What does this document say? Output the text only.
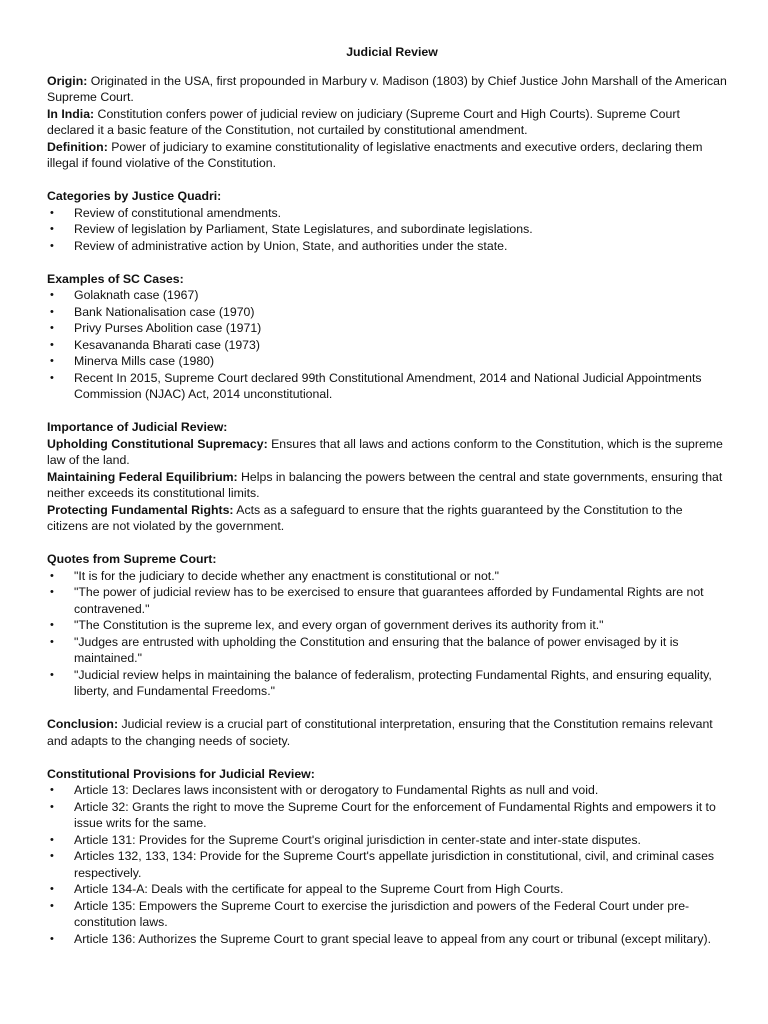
Judicial Review

Origin: Originated in the USA, first propounded in Marbury v. Madison (1803) by Chief Justice John Marshall of the American Supreme Court.

In India: Constitution confers power of judicial review on judiciary (Supreme Court and High Courts). Supreme Court declared it a basic feature of the Constitution, not curtailed by constitutional amendment.

Definition: Power of judiciary to examine constitutionality of legislative enactments and executive orders, declaring them illegal if found violative of the Constitution.

Categories by Justice Quadri:

• Review of constitutional amendments.
• Review of legislation by Parliament, State Legislatures, and subordinate legislations.
• Review of administrative action by Union, State, and authorities under the state.

Examples of SC Cases:

• Golaknath case (1967)
• Bank Nationalisation case (1970)
• Privy Purses Abolition case (1971)
• Kesavananda Bharati case (1973)
• Minerva Mills case (1980)
• Recent In 2015, Supreme Court declared 99th Constitutional Amendment, 2014 and National Judicial Appointments Commission (NJAC) Act, 2014 unconstitutional.

Importance of Judicial Review:

Upholding Constitutional Supremacy: Ensures that all laws and actions conform to the Constitution, which is the supreme law of the land.

Maintaining Federal Equilibrium: Helps in balancing the powers between the central and state governments, ensuring that neither exceeds its constitutional limits.

Protecting Fundamental Rights: Acts as a safeguard to ensure that the rights guaranteed by the Constitution to the citizens are not violated by the government.

Quotes from Supreme Court:

• "It is for the judiciary to decide whether any enactment is constitutional or not."
• "The power of judicial review has to be exercised to ensure that guarantees afforded by Fundamental Rights are not contravened."
• "The Constitution is the supreme lex, and every organ of government derives its authority from it."
• "Judges are entrusted with upholding the Constitution and ensuring that the balance of power envisaged by it is maintained."
• "Judicial review helps in maintaining the balance of federalism, protecting Fundamental Rights, and ensuring equality, liberty, and Fundamental Freedoms."

Conclusion: Judicial review is a crucial part of constitutional interpretation, ensuring that the Constitution remains relevant and adapts to the changing needs of society.

Constitutional Provisions for Judicial Review:

• Article 13: Declares laws inconsistent with or derogatory to Fundamental Rights as null and void.
• Article 32: Grants the right to move the Supreme Court for the enforcement of Fundamental Rights and empowers it to issue writs for the same.
• Article 131: Provides for the Supreme Court's original jurisdiction in center-state and inter-state disputes.
• Articles 132, 133, 134: Provide for the Supreme Court's appellate jurisdiction in constitutional, civil, and criminal cases respectively.
• Article 134-A: Deals with the certificate for appeal to the Supreme Court from High Courts.
• Article 135: Empowers the Supreme Court to exercise the jurisdiction and powers of the Federal Court under pre-constitution laws.
• Article 136: Authorizes the Supreme Court to grant special leave to appeal from any court or tribunal (except military).
